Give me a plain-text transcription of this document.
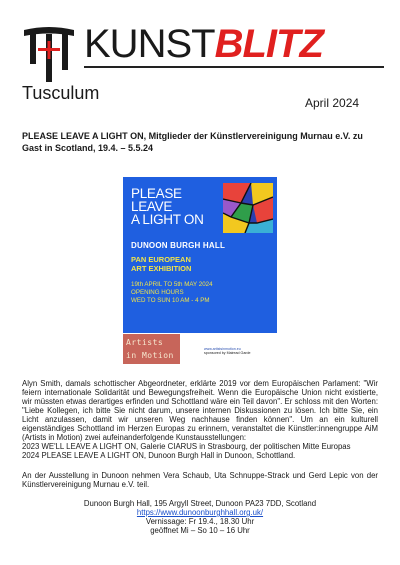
Tusculum
KUNSTBLITZ
April 2024
PLEASE LEAVE A LIGHT ON, Mitglieder der Künstlervereinigung Murnau e.V. zu Gast in Scotland, 19.4. – 5.5.24
PLEASE
LEAVE
A LIGHT ON
DUNOON BURGH HALL
PAN EUROPEAN
ART EXHIBITION
19th APRIL TO 5th MAY 2024
OPENING HOURS
WED TO SUN 10 AM - 4 PM
Artists
in Motion
www.artistsinmotion.eu
sponsored by Mairead Garde
Alyn Smith, damals schottischer Abgeordneter, erklärte 2019 vor dem Europäischen Parlament: "Wir feiern internationale Solidarität und Bewegungsfreiheit. Wenn die Europäische Union nicht existierte, wir müssten etwas derartiges erfinden und Schottland wäre ein Teil davon". Er schloss mit den Worten: "Liebe Kollegen, ich bitte Sie nicht darum, unsere internen Diskussionen zu lösen. Ich bitte Sie, ein Licht anzulassen, damit wir unseren Weg nachhause finden können". Um an ein kulturell eigenständiges Schottland im Herzen Europas zu erinnern, veranstaltet die Künstler:innengruppe AiM (Artists in Motion) zwei aufeinanderfolgende Kunstausstellungen:
2023 WE'LL LEAVE A LIGHT ON, Galerie CIARUS in Strasbourg, der politischen Mitte Europas
2024 PLEASE LEAVE A LIGHT ON, Dunoon Burgh Hall in Dunoon, Schottland.
An der Ausstellung in Dunoon nehmen Vera Schaub, Uta Schnuppe-Strack und Gerd Lepic von der Künstlervereinigung Murnau e.V. teil.
Dunoon Burgh Hall, 195 Argyll Street, Dunoon PA23 7DD, Scotland
https://www.dunoonburghhall.org.uk/
Vernissage: Fr 19.4., 18.30 Uhr
geöffnet Mi – So 10 – 16 Uhr
